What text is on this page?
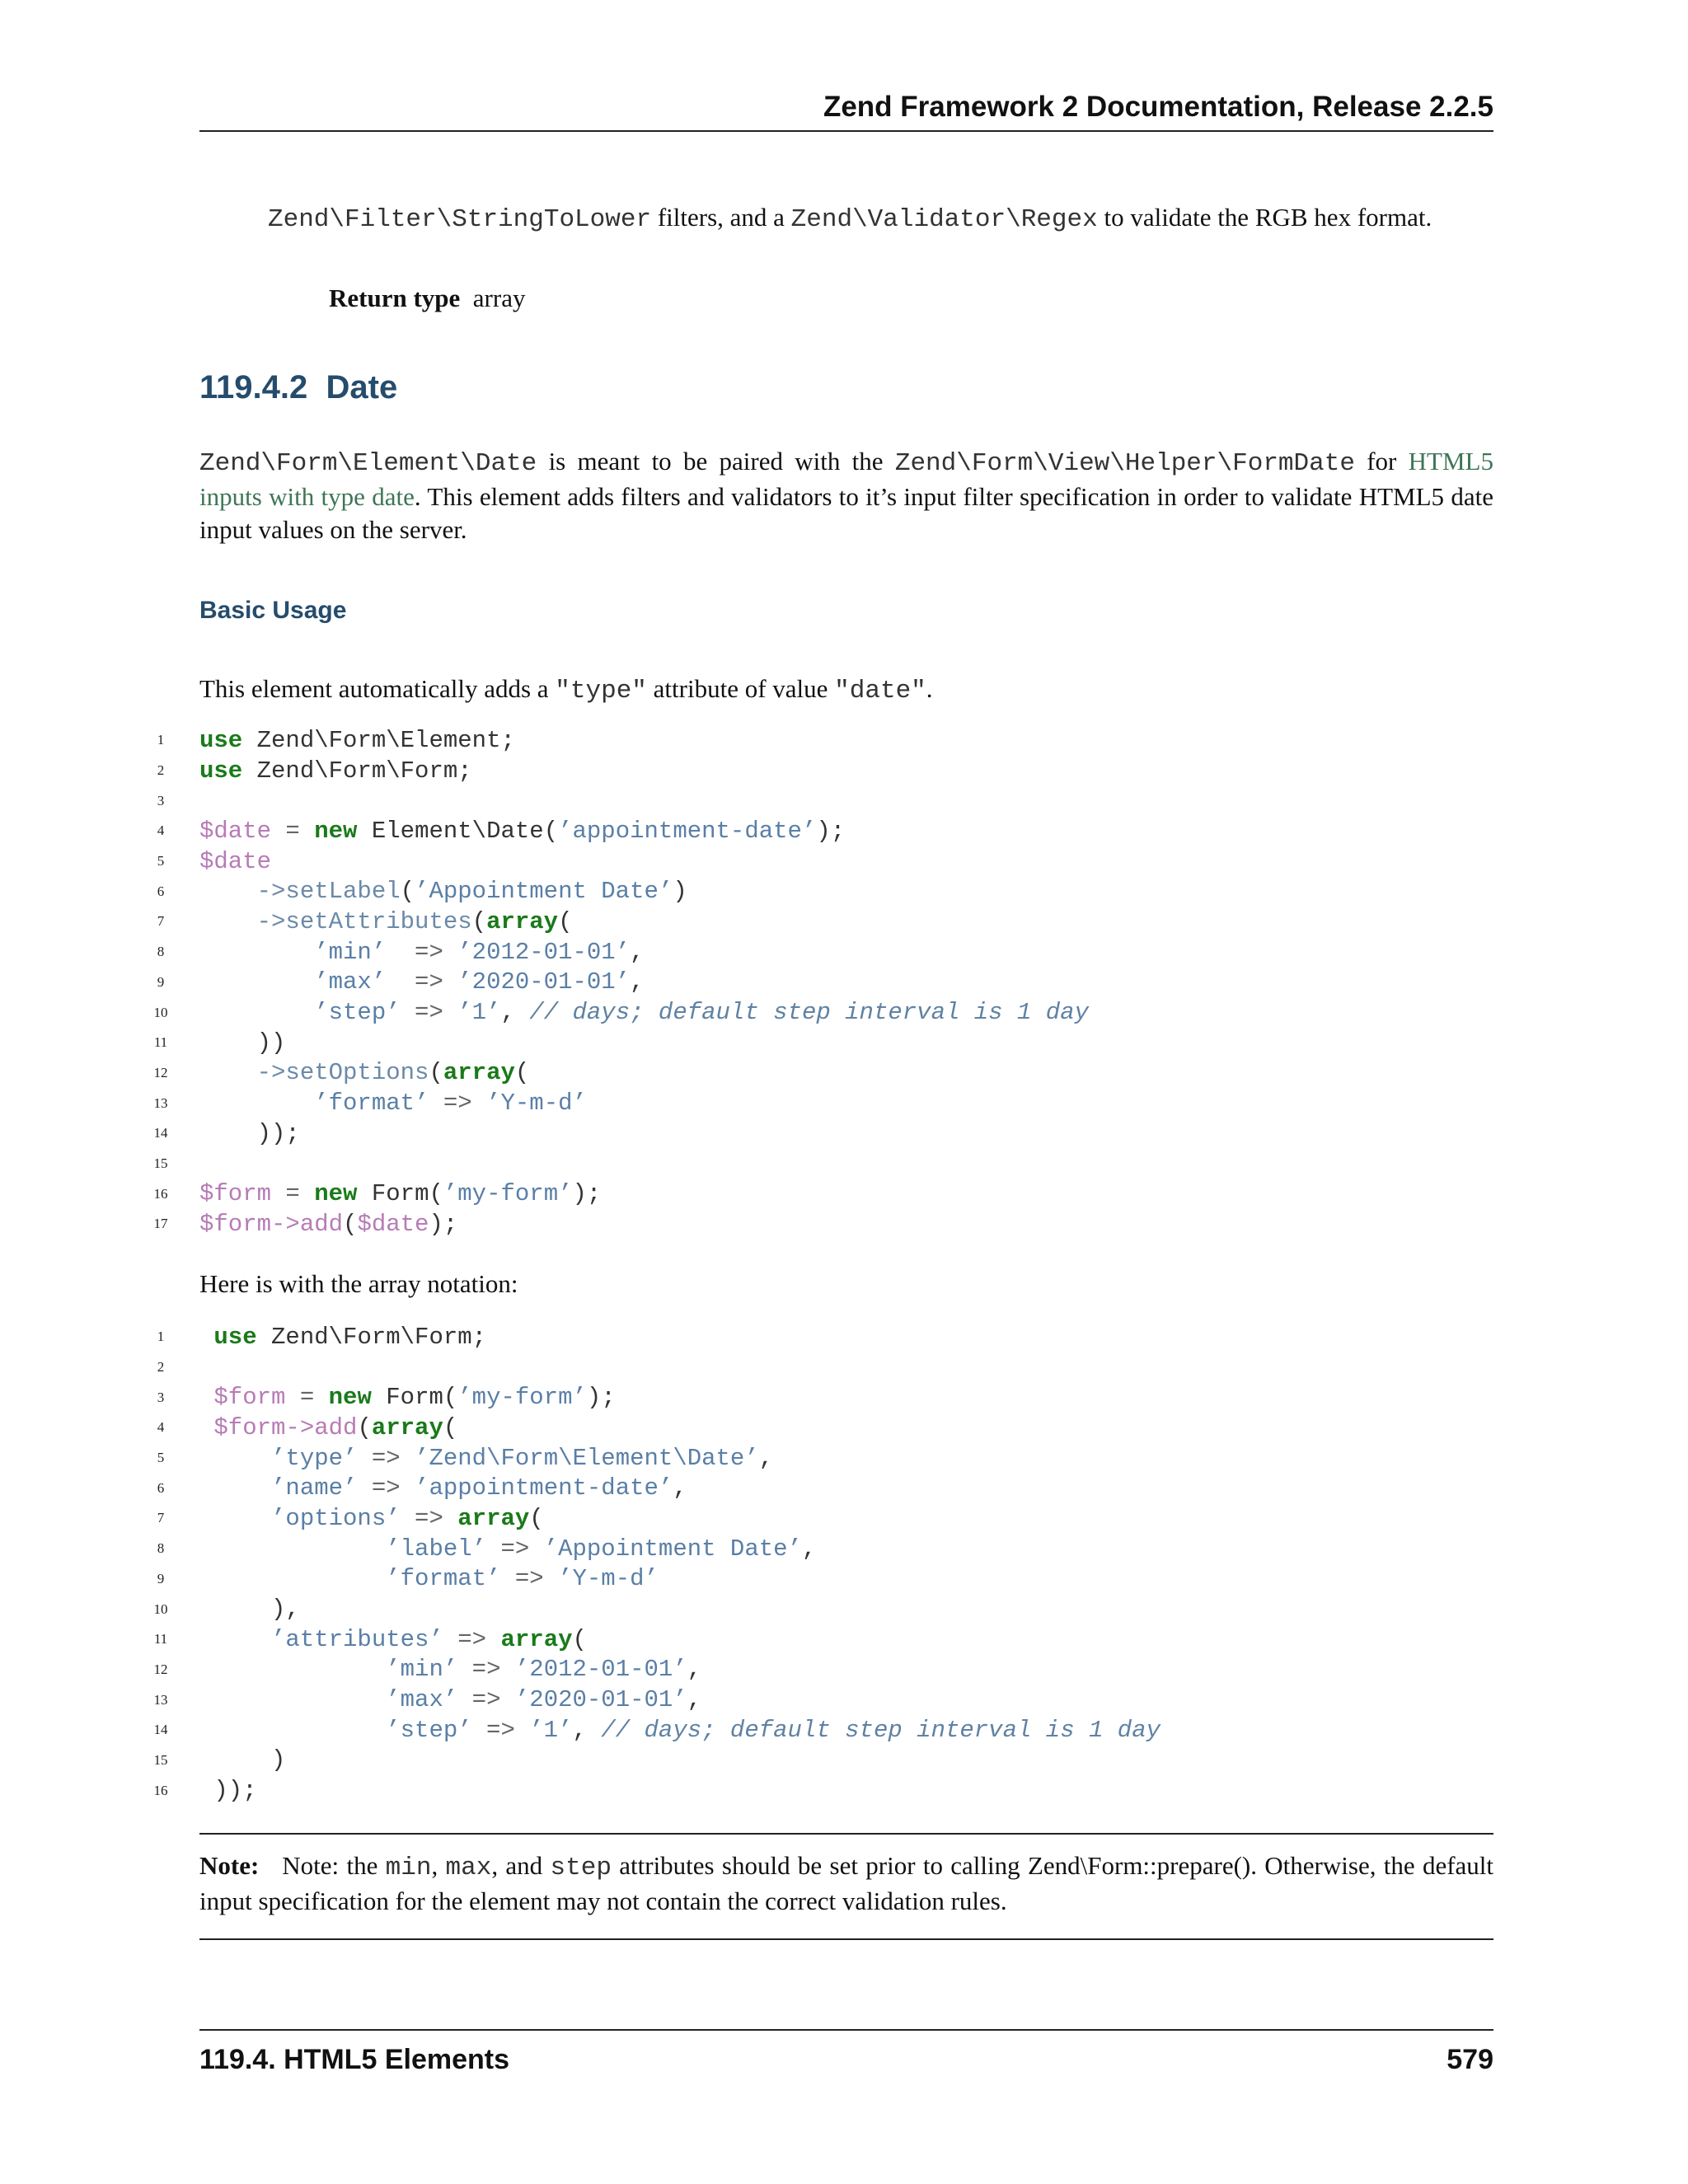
Zend Framework 2 Documentation, Release 2.2.5

Zend\Filter\StringToLower filters, and a Zend\Validator\Regex to validate the RGB hex format.

Return type array
119.4.2 Date

Zend\Form\Element\Date is meant to be paired with the Zend\Form\View\Helper\FormDate for HTML5 inputs with type date. This element adds filters and validators to it’s input filter specification in order to validate HTML5 date input values on the server.

Basic Usage

This element automatically adds a "type" attribute of value "date".

1	use Zend\Form\Element;
2	use Zend\Form\Form;
3
4	$date = new Element\Date(’appointment-date’);
5	$date
6	->setLabel(’Appointment Date’)
7	->setAttributes(array(
8	’min’  => ’2012-01-01’,
9	’max’  => ’2020-01-01’,
10 ’step’ => ’1’, // days; default step interval is 1 day
11 ))
12 ->setOptions(array(
13 ’format’ => ’Y-m-d’
14 ));
15
16 $form = new Form(’my-form’);
17 $form->add($date);

Here is with the array notation:

1	use Zend\Form\Form;
2
3	$form = new Form(’my-form’);
4	$form->add(array(
5	’type’ => ’Zend\Form\Element\Date’,
6	’name’ => ’appointment-date’,
7	’options’ => array(
8	’label’ => ’Appointment Date’,
9	’format’ => ’Y-m-d’
10 ),
11 ’attributes’ => array(
12 ’min’ => ’2012-01-01’,
13 ’max’ => ’2020-01-01’,
14 ’step’ => ’1’, // days; default step interval is 1 day
15 )
16 ));

Note: Note: the min, max, and step attributes should be set prior to calling Zend\Form::prepare(). Otherwise, the default input specification for the element may not contain the correct validation rules.

119.4. HTML5 Elements	579
